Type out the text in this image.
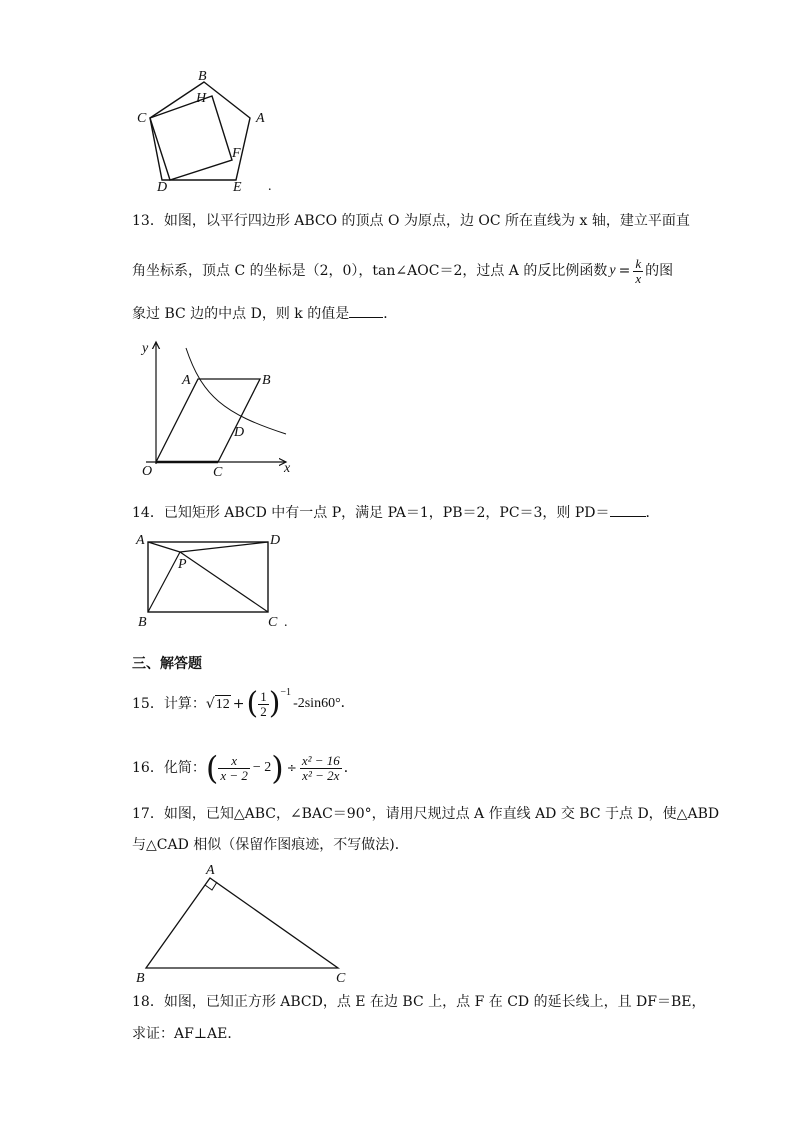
B
H
C	A
F
D	E .
13．如图，以平行四边形 ABCO 的顶点 O 为原点，边 OC 所在直线为 x 轴，建立平面直
角坐标系，顶点 C 的坐标是（2，0），tan∠AOC＝2，过点 A 的反比例函数 $y = \frac{k}{x}$ 的图
象过 BC 边的中点 D，则 k 的值是 ．
y
A	B
D
O	C	x
14．已知矩形 ABCD 中有一点 P，满足 PA＝1，PB＝2，PC＝3，则 PD＝	．
A	D
P
B	C .
三、解答题
15．计算： √ 12 + ( $\frac{1}{2}$ ) −1
-2sin60°．
16．化简： ( $\frac{x}{x - 2} - 2$ ) ÷ $\frac{\text{x² − 16}}{\text{x² − 2x}}$ ．
17．如图，已知△ABC，∠BAC＝90°，请用尺规过点 A 作直线 AD 交 BC 于点 D，使△ABD
与△CAD 相似（保留作图痕迹，不写做法)．
A
B	C
18．如图，已知正方形 ABCD，点 E 在边 BC 上，点 F 在 CD 的延长线上，且 DF＝BE，
求证：AF⊥AE．
